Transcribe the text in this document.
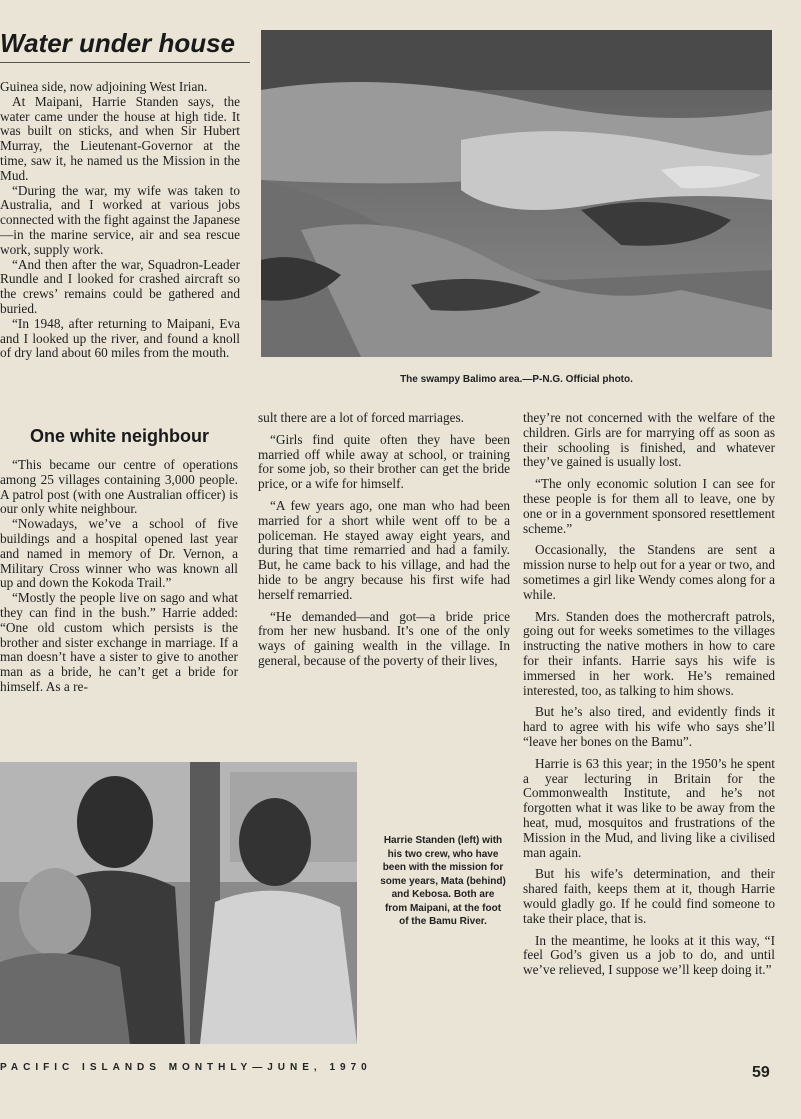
Water under house

Guinea side, now adjoining West Irian.

At Maipani, Harrie Standen says, the water came under the house at high tide. It was built on sticks, and when Sir Hubert Murray, the Lieutenant-Governor at the time, saw it, he named us the Mission in the Mud.

“During the war, my wife was taken to Australia, and I worked at various jobs connected with the fight against the Japanese—in the marine service, air and sea rescue work, supply work.

“And then after the war, Squadron-Leader Rundle and I looked for crashed aircraft so the crews’ remains could be gathered and buried.

“In 1948, after returning to Maipani, Eva and I looked up the river, and found a knoll of dry land about 60 miles from the mouth.

One white neighbour

“This became our centre of operations among 25 villages containing 3,000 people. A patrol post (with one Australian officer) is our only white neighbour.

“Nowadays, we’ve a school of five buildings and a hospital opened last year and named in memory of Dr. Vernon, a Military Cross winner who was known all up and down the Kokoda Trail.”

“Mostly the people live on sago and what they can find in the bush.” Harrie added: “One old custom which persists is the brother and sister exchange in marriage. If a man doesn’t have a sister to give to another man as a bride, he can’t get a bride for himself. As a re-

The swampy Balimo area.—P-N.G. Official photo.

sult there are a lot of forced marriages.

“Girls find quite often they have been married off while away at school, or training for some job, so their brother can get the bride price, or a wife for himself.

“A few years ago, one man who had been married for a short while went off to be a policeman. He stayed away eight years, and during that time remarried and had a family. But, he came back to his village, and had the hide to be angry because his first wife had herself remarried.

“He demanded—and got—a bride price from her new husband. It’s one of the only ways of gaining wealth in the village. In general, because of the poverty of their lives,

they’re not concerned with the welfare of the children. Girls are for marrying off as soon as their schooling is finished, and whatever they’ve gained is usually lost.

“The only economic solution I can see for these people is for them all to leave, one by one or in a government sponsored resettlement scheme.”

Occasionally, the Standens are sent a mission nurse to help out for a year or two, and sometimes a girl like Wendy comes along for a while.

Mrs. Standen does the mothercraft patrols, going out for weeks sometimes to the villages instructing the native mothers in how to care for their infants. Harrie says his wife is immersed in her work. He’s remained interested, too, as talking to him shows.

But he’s also tired, and evidently finds it hard to agree with his wife who says she’ll “leave her bones on the Bamu”.

Harrie is 63 this year; in the 1950’s he spent a year lecturing in Britain for the Commonwealth Institute, and he’s not forgotten what it was like to be away from the heat, mud, mosquitos and frustrations of the Mission in the Mud, and living like a civilised man again.

But his wife’s determination, and their shared faith, keeps them at it, though Harrie would gladly go. If he could find someone to take their place, that is.

In the meantime, he looks at it this way, “I feel God’s given us a job to do, and until we’ve relieved, I suppose we’ll keep doing it.”

Harrie Standen (left) with his two crew, who have been with the mission for some years, Mata (behind) and Kebosa. Both are from Maipani, at the foot of the Bamu River.
PACIFIC ISLANDS MONTHLY—JUNE, 1970	59
